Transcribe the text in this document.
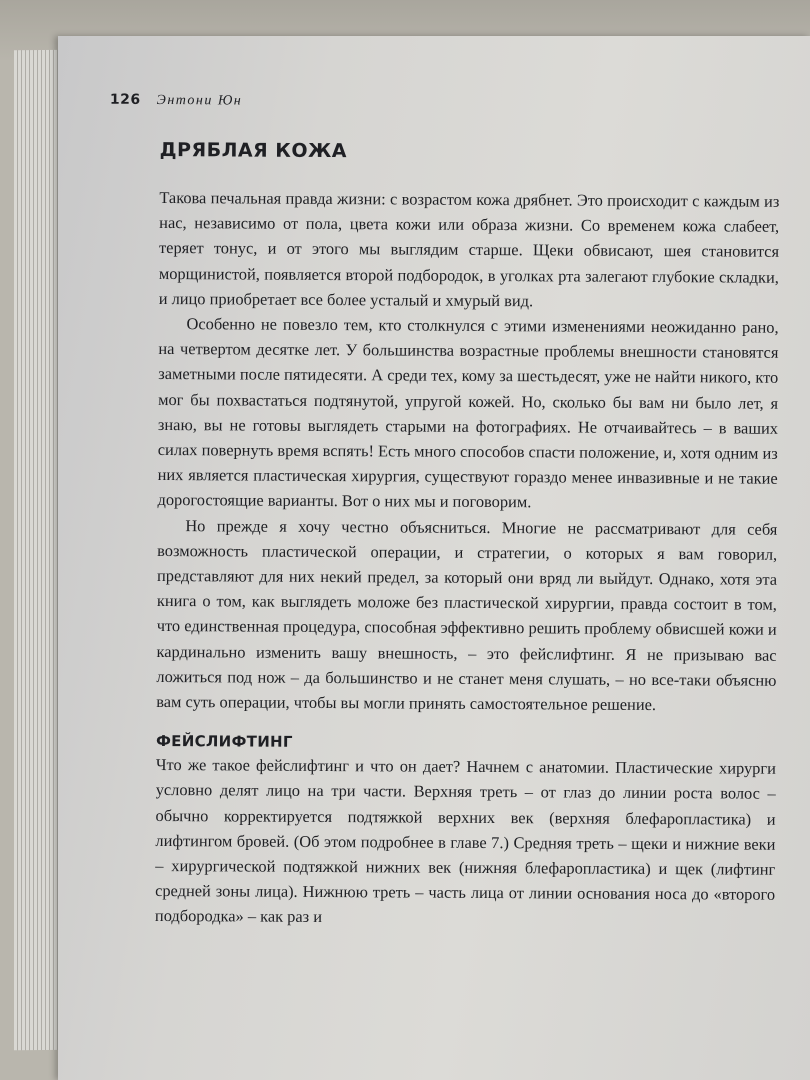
126 Энтони Юн
ДРЯБЛАЯ КОЖА

Такова печальная правда жизни: с возрастом кожа дрябнет. Это происходит с каждым из нас, независимо от пола, цвета кожи или образа жизни. Со временем кожа слабеет, теряет тонус, и от этого мы выглядим старше. Щеки обвисают, шея становится морщинистой, появляется второй подбородок, в уголках рта залегают глубокие складки, и лицо приобретает все более усталый и хмурый вид.

Особенно не повезло тем, кто столкнулся с этими изменениями неожиданно рано, на четвертом десятке лет. У большинства возрастные проблемы внешности становятся заметными после пятидесяти. А среди тех, кому за шестьдесят, уже не найти никого, кто мог бы похвастаться подтянутой, упругой кожей. Но, сколько бы вам ни было лет, я знаю, вы не готовы выглядеть старыми на фотографиях. Не отчаивайтесь – в ваших силах повернуть время вспять! Есть много способов спасти положение, и, хотя одним из них является пластическая хирургия, существуют гораздо менее инвазивные и не такие дорогостоящие варианты. Вот о них мы и поговорим.

Но прежде я хочу честно объясниться. Многие не рассматривают для себя возможность пластической операции, и стратегии, о которых я вам говорил, представляют для них некий предел, за который они вряд ли выйдут. Однако, хотя эта книга о том, как выглядеть моложе без пластической хирургии, правда состоит в том, что единственная процедура, способная эффективно решить проблему обвисшей кожи и кардинально изменить вашу внешность, – это фейслифтинг. Я не призываю вас ложиться под нож – да большинство и не станет меня слушать, – но все-таки объясню вам суть операции, чтобы вы могли принять самостоятельное решение.

ФЕЙСЛИФТИНГ

Что же такое фейслифтинг и что он дает? Начнем с анатомии. Пластические хирурги условно делят лицо на три части. Верхняя треть – от глаз до линии роста волос – обычно корректируется подтяжкой верхних век (верхняя блефаропластика) и лифтингом бровей. (Об этом подробнее в главе 7.) Средняя треть – щеки и нижние веки – хирургической подтяжкой нижних век (нижняя блефаропластика) и щек (лифтинг средней зоны лица). Нижнюю треть – часть лица от линии основания носа до «второго подбородка» – как раз и
